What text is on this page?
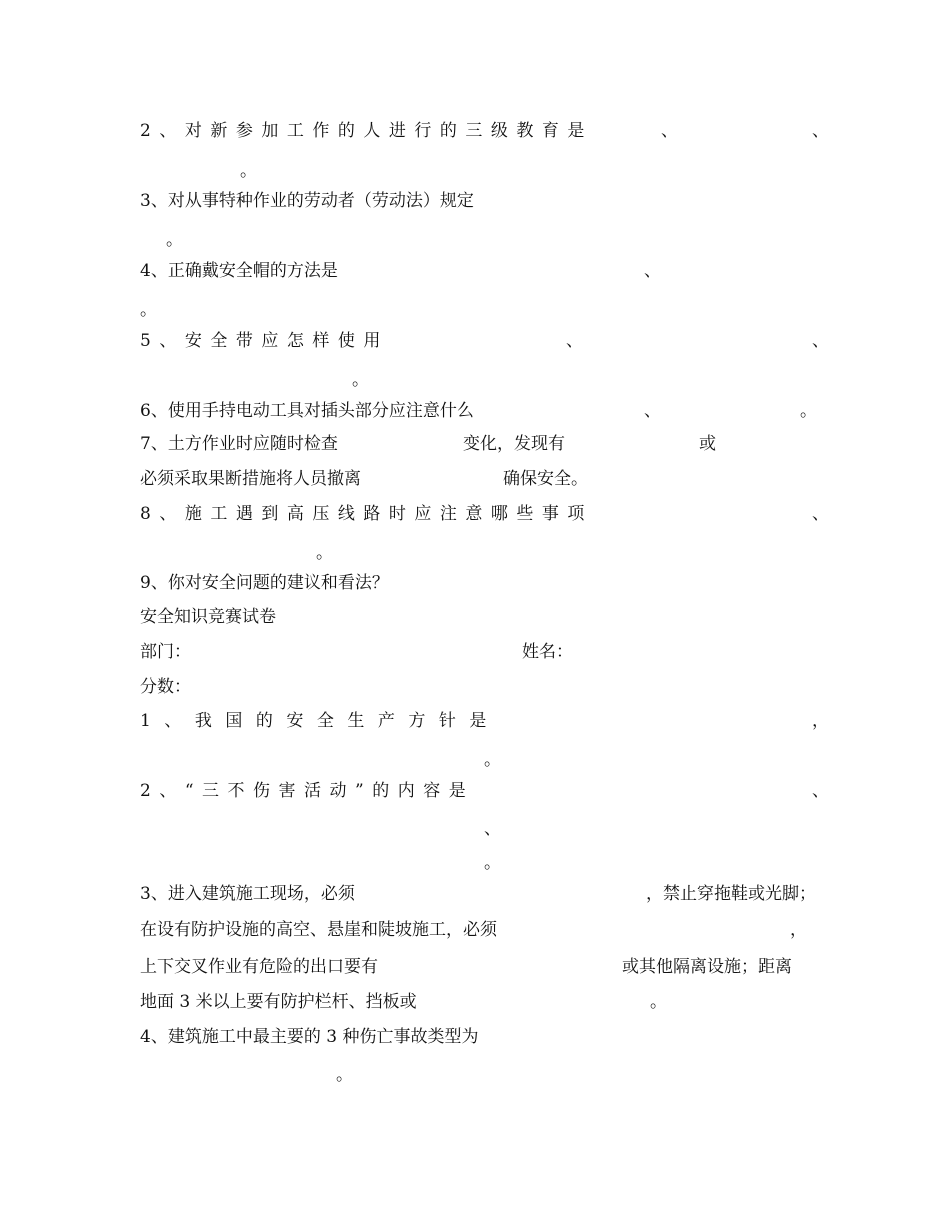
2、对新参加工作的人进行的三级教育是	、	、
。
3、对从事特种作业的劳动者（劳动法）规定
。
4、正确戴安全帽的方法是	、
。
5、安全带应怎样使用	、	、
。
6、使用手持电动工具对插头部分应注意什么	、	。
7、土方作业时应随时检查	变化，发现有	或
必须采取果断措施将人员撤离	确保安全。
8、施工遇到高压线路时应注意哪些事项	、
。
9、你对安全问题的建议和看法？
安全知识竞赛试卷
部门：	姓名：
分数：
1、我国的安全生产方针是	，
。
2、“三不伤害活动”的内容是	、
、
。
3、进入建筑施工现场，必须	，禁止穿拖鞋或光脚；
在设有防护设施的高空、悬崖和陡坡施工，必须	，
上下交叉作业有危险的出口要有	或其他隔离设施；距离
地面 3 米以上要有防护栏杆、挡板或	。
4、建筑施工中最主要的 3 种伤亡事故类型为
。
